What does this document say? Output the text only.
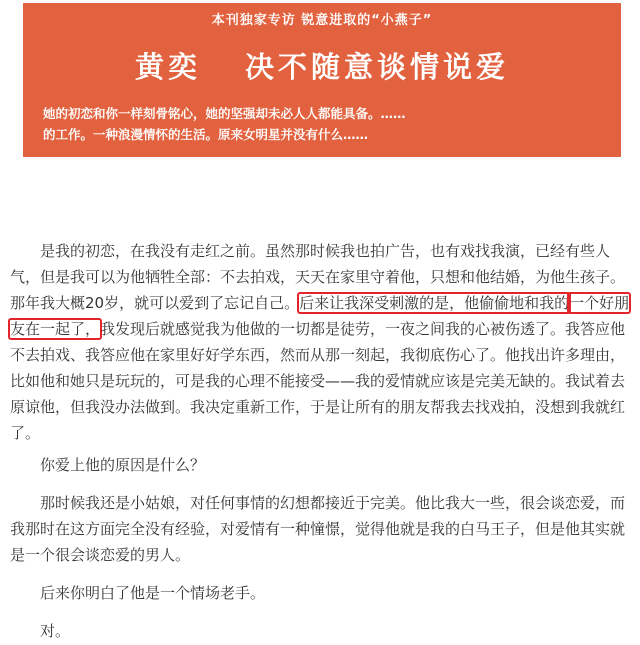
本刊独家专访 锐意进取的“小燕子”
黄奕 决不随意谈情说爱
她的初恋和你一样刻骨铭心，她的坚强却未必人人都能具备。……
的工作。一种浪漫情怀的生活。原来女明星并没有什么……

是我的初恋，在我没有走红之前。虽然那时候我也拍广告，也有戏找我演，已经有些人气，但是我可以为他牺牲全部：不去拍戏，天天在家里守着他，只想和他结婚，为他生孩子。那年我大概20岁，就可以爱到了忘记自己。后来让我深受刺激的是，他偷偷地和我的一个好朋友在一起了，我发现后就感觉我为他做的一切都是徒劳，一夜之间我的心被伤透了。我答应他不去拍戏、我答应他在家里好好学东西，然而从那一刻起，我彻底伤心了。他找出许多理由，比如他和她只是玩玩的，可是我的心理不能接受——我的爱情就应该是完美无缺的。我试着去原谅他，但我没办法做到。我决定重新工作，于是让所有的朋友帮我去找戏拍，没想到我就红了。

你爱上他的原因是什么？

那时候我还是小姑娘，对任何事情的幻想都接近于完美。他比我大一些，很会谈恋爱，而我那时在这方面完全没有经验，对爱情有一种憧憬，觉得他就是我的白马王子，但是他其实就是一个很会谈恋爱的男人。

后来你明白了他是一个情场老手。

对。
